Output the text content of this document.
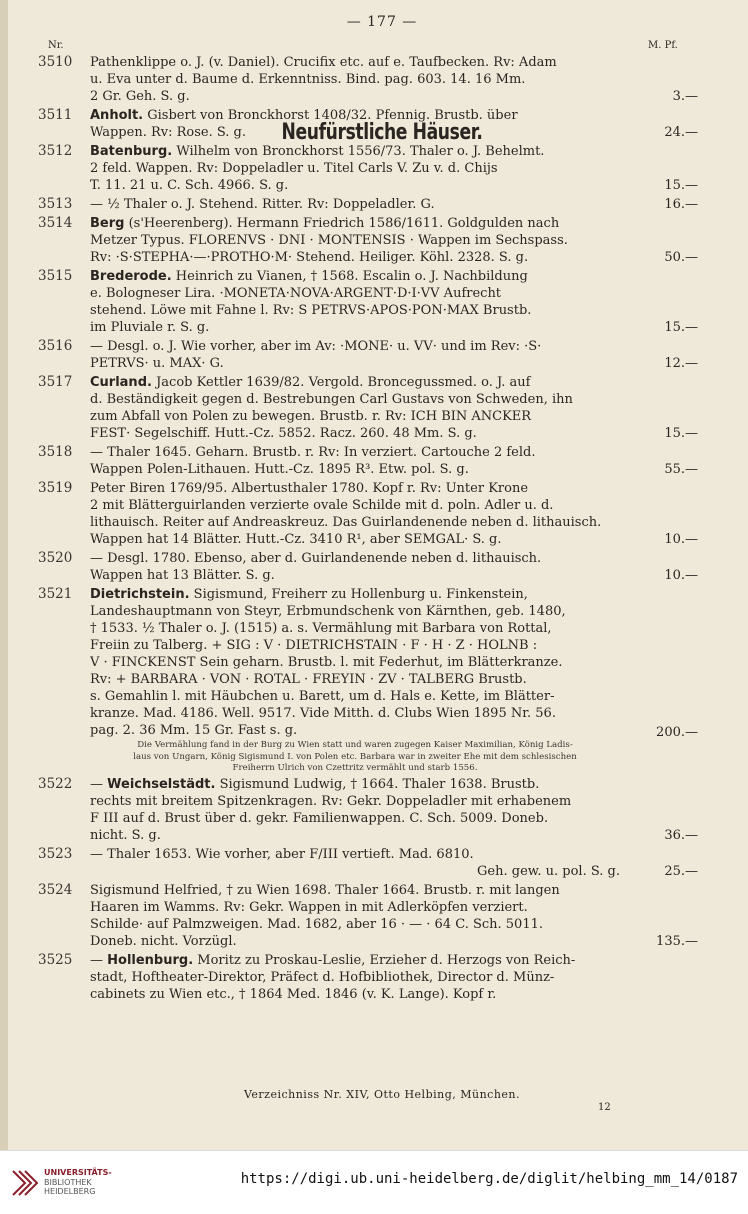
— 177 —
Nr.	M. Pf.
Neufürstliche Häuser.
3510	Pathenklippe o. J. (v. Daniel). Crucifix etc. auf e. Taufbecken. Rv: Adam
u. Eva unter d. Baume d. Erkenntniss. Bind. pag. 603. 14. 16 Mm.
2 Gr. Geh. S. g.	3.—
3511	Anholt. Gisbert von Bronckhorst 1408/32. Pfennig. Brustb. über
Wappen. Rv: Rose. S. g.	24.—
3512	Batenburg. Wilhelm von Bronckhorst 1556/73. Thaler o. J. Behelmt.
2 feld. Wappen. Rv: Doppeladler u. Titel Carls V. Zu v. d. Chijs
T. 11. 21 u. C. Sch. 4966. S. g.	15.—
3513	— ½ Thaler o. J. Stehend. Ritter. Rv: Doppeladler. G.	16.—
3514	Berg (s'Heerenberg). Hermann Friedrich 1586/1611. Goldgulden nach
Metzer Typus. FLORENVS · DNI · MONTENSIS · Wappen im Sechspass.
Rv: ·S·STEPHA·—·PROTHO·M· Stehend. Heiliger. Köhl. 2328. S. g.	50.—
3515	Brederode. Heinrich zu Vianen, † 1568. Escalin o. J. Nachbildung
e. Bologneser Lira. ·MONETA·NOVA·ARGENT·D·I·VV Aufrecht
stehend. Löwe mit Fahne l. Rv: S PETRVS·APOS·PON·MAX Brustb.
im Pluviale r. S. g.	15.—
3516	— Desgl. o. J. Wie vorher, aber im Av: ·MONE· u. VV· und im Rev: ·S·
PETRVS· u. MAX· G.	12.—
3517	Curland. Jacob Kettler 1639/82. Vergold. Broncegussmed. o. J. auf
d. Beständigkeit gegen d. Bestrebungen Carl Gustavs von Schweden, ihn
zum Abfall von Polen zu bewegen. Brustb. r. Rv: ICH BIN ANCKER
FEST· Segelschiff. Hutt.-Cz. 5852. Racz. 260. 48 Mm. S. g.	15.—
3518	— Thaler 1645. Geharn. Brustb. r. Rv: In verziert. Cartouche 2 feld.
Wappen Polen-Lithauen. Hutt.-Cz. 1895 R³. Etw. pol. S. g.	55.—
3519	Peter Biren 1769/95. Albertusthaler 1780. Kopf r. Rv: Unter Krone
2 mit Blätterguirlanden verzierte ovale Schilde mit d. poln. Adler u. d.
lithauisch. Reiter auf Andreaskreuz. Das Guirlandenende neben d. lithauisch.
Wappen hat 14 Blätter. Hutt.-Cz. 3410 R¹, aber SEMGAL· S. g.	10.—
3520	— Desgl. 1780. Ebenso, aber d. Guirlandenende neben d. lithauisch.
Wappen hat 13 Blätter. S. g.	10.—
3521	Dietrichstein. Sigismund, Freiherr zu Hollenburg u. Finkenstein,
Landeshauptmann von Steyr, Erbmundschenk von Kärnthen, geb. 1480,
† 1533. ½ Thaler o. J. (1515) a. s. Vermählung mit Barbara von Rottal,
Freiin zu Talberg. + SIG : V · DIETRICHSTAIN · F · H · Z · HOLNB :
V · FINCKENST Sein geharn. Brustb. l. mit Federhut, im Blätterkranze.
Rv: + BARBARA · VON · ROTAL · FREYIN · ZV · TALBERG Brustb.
s. Gemahlin l. mit Häubchen u. Barett, um d. Hals e. Kette, im Blätter-
kranze. Mad. 4186. Well. 9517. Vide Mitth. d. Clubs Wien 1895 Nr. 56.
pag. 2. 36 Mm. 15 Gr. Fast s. g.
Die Vermählung fand in der Burg zu Wien statt und waren zugegen Kaiser Maximilian, König Ladis-
laus von Ungarn, König Sigismund I. von Polen etc. Barbara war in zweiter Ehe mit dem schlesischen
Freiherrn Ulrich von Czettritz vermählt und starb 1556.
200.—
3522	— Weichselstädt. Sigismund Ludwig, † 1664. Thaler 1638. Brustb.
rechts mit breitem Spitzenkragen. Rv: Gekr. Doppeladler mit erhabenem
F III auf d. Brust über d. gekr. Familienwappen. C. Sch. 5009. Doneb.
nicht. S. g.	36.—
3523	— Thaler 1653. Wie vorher, aber F/III vertieft. Mad. 6810.
Geh. gew. u. pol. S. g.	25.—
3524	Sigismund Helfried, † zu Wien 1698. Thaler 1664. Brustb. r. mit langen
Haaren im Wamms. Rv: Gekr. Wappen in mit Adlerköpfen verziert.
Schilde· auf Palmzweigen. Mad. 1682, aber 16 · — · 64 C. Sch. 5011.
Doneb. nicht. Vorzügl.	135.—
3525	— Hollenburg. Moritz zu Proskau-Leslie, Erzieher d. Herzogs von Reich-
stadt, Hoftheater-Direktor, Präfect d. Hofbibliothek, Director d. Münz-
cabinets zu Wien etc., † 1864 Med. 1846 (v. K. Lange). Kopf r.
Verzeichniss Nr. XIV, Otto Helbing, München.
12
UNIVERSITÄTS-
BIBLIOTHEK
HEIDELBERG
https://digi.ub.uni-heidelberg.de/diglit/helbing_mm_14/0187
